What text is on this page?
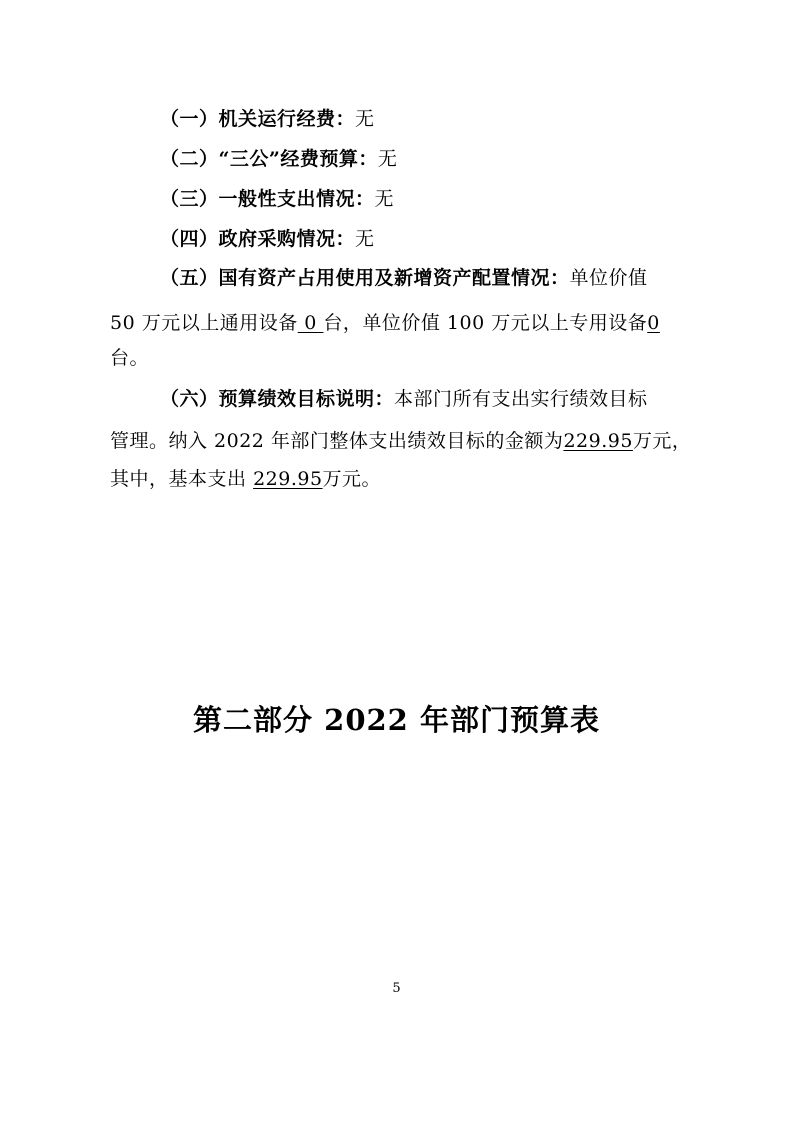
（一）机关运行经费：无
（二）“三公”经费预算：无
（三）一般性支出情况：无
（四）政府采购情况：无
（五）国有资产占用使用及新增资产配置情况：单位价值
50 万元以上通用设备 0 台，单位价值 100 万元以上专用设备0
台。
（六）预算绩效目标说明：本部门所有支出实行绩效目标
管理。纳入 2022 年部门整体支出绩效目标的金额为229.95万元，
其中，基本支出 229.95万元。
第二部分 2022 年部门预算表
5
